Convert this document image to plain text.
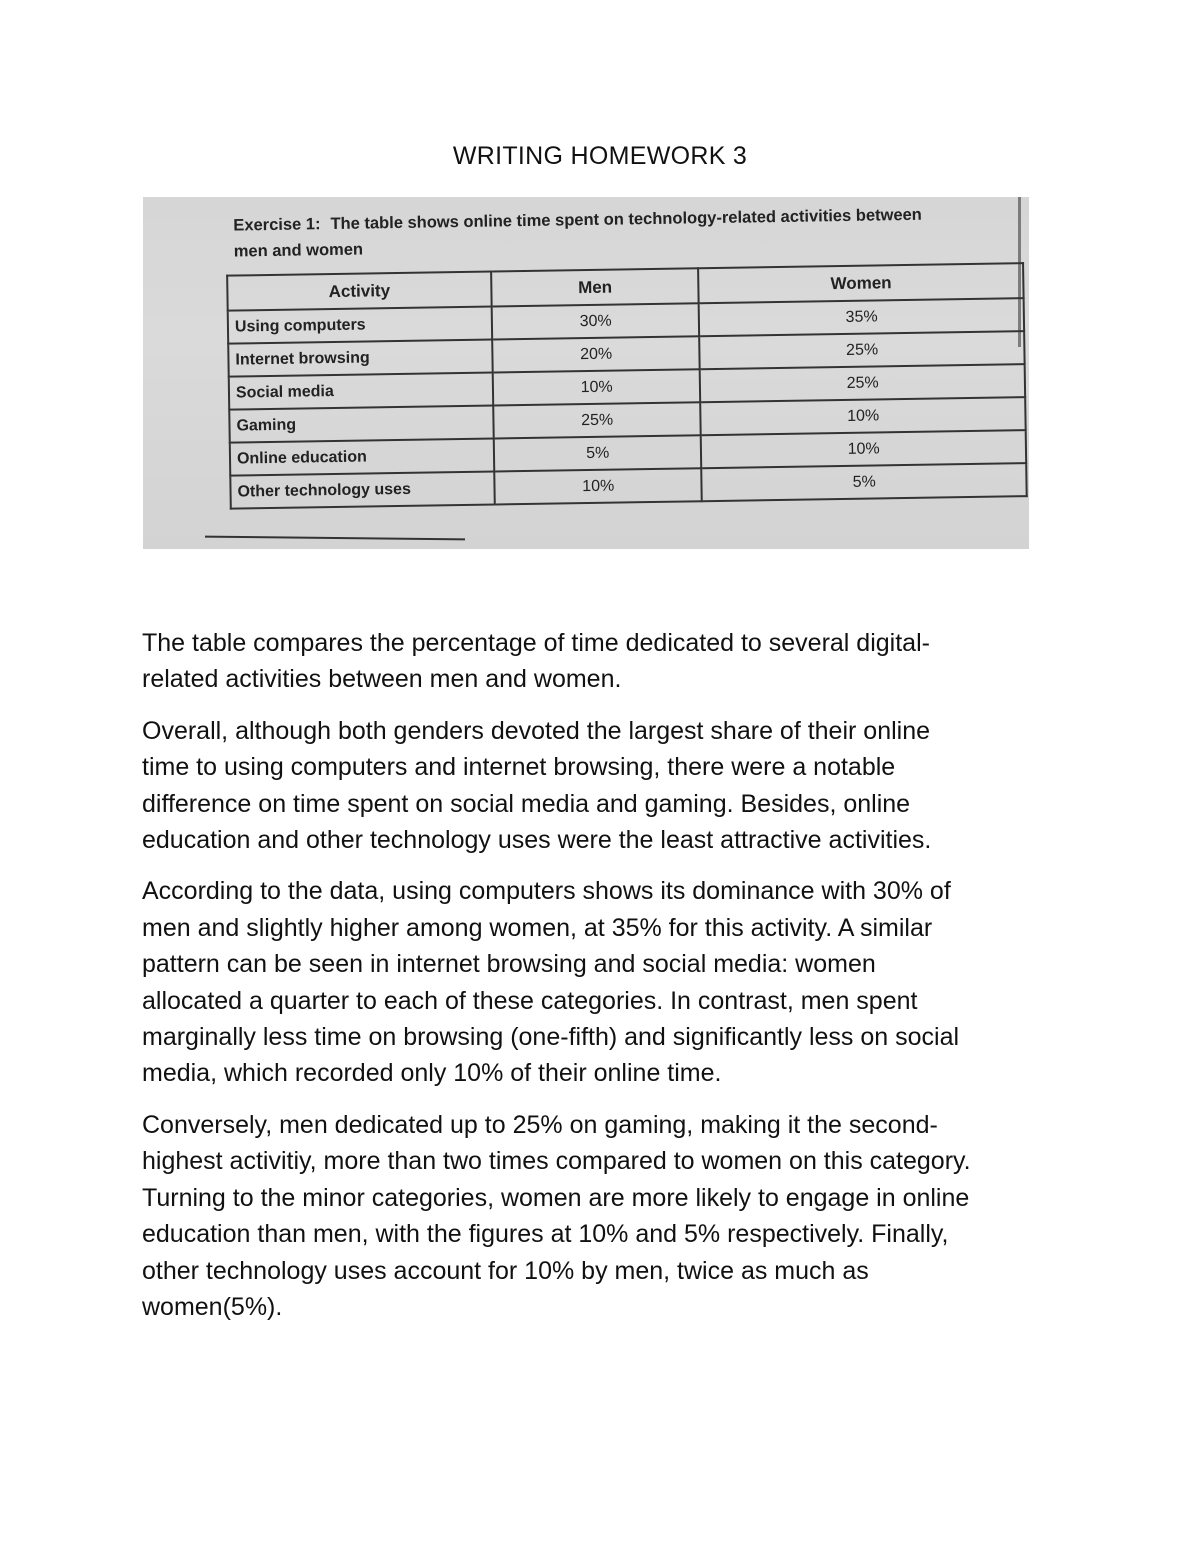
WRITING HOMEWORK 3
Exercise 1: The table shows online time spent on technology-related activities between
men and women
Activity	Men	Women
Using computers	30%	35%
Internet browsing	20%	25%
Social media	10%	25%
Gaming	25%	10%
Online education	5%	10%
Other technology uses	10%	5%

The table compares the percentage of time dedicated to several digital-
related activities between men and women.

Overall, although both genders devoted the largest share of their online
time to using computers and internet browsing, there were a notable
difference on time spent on social media and gaming. Besides, online
education and other technology uses were the least attractive activities.

According to the data, using computers shows its dominance with 30% of
men and slightly higher among women, at 35% for this activity. A similar
pattern can be seen in internet browsing and social media: women
allocated a quarter to each of these categories. In contrast, men spent
marginally less time on browsing (one-fifth) and significantly less on social
media, which recorded only 10% of their online time.

Conversely, men dedicated up to 25% on gaming, making it the second-
highest activitiy, more than two times compared to women on this category.
Turning to the minor categories, women are more likely to engage in online
education than men, with the figures at 10% and 5% respectively. Finally,
other technology uses account for 10% by men, twice as much as
women(5%).
